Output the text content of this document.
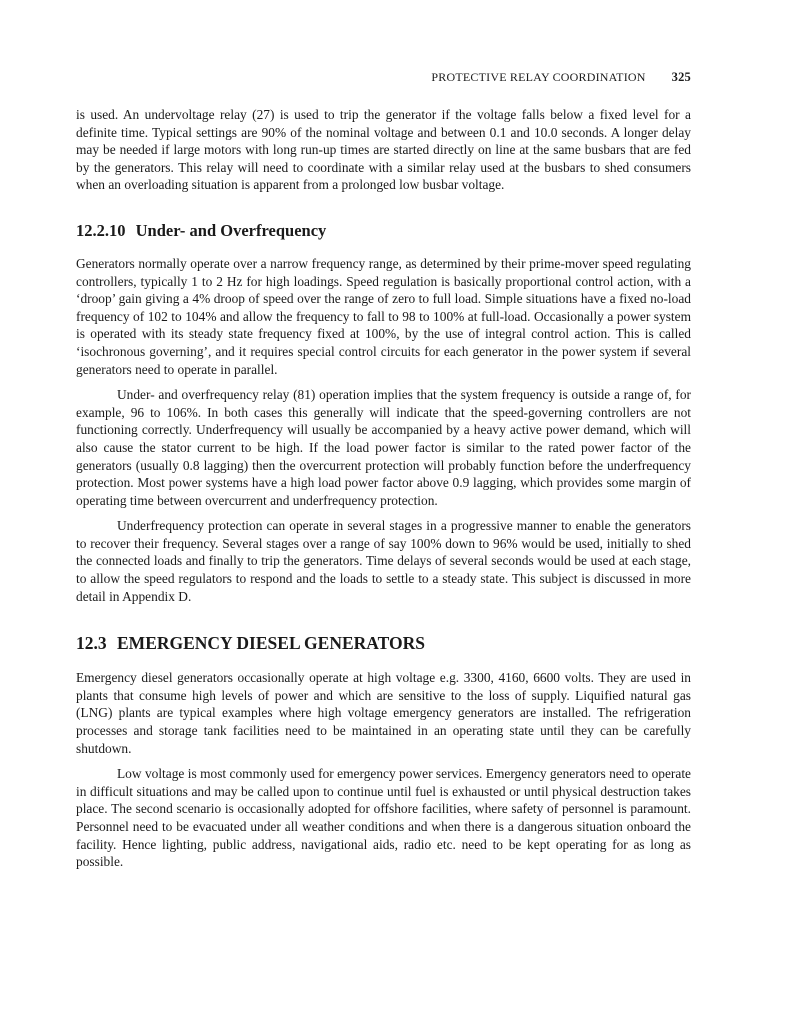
PROTECTIVE RELAY COORDINATION 325

is used. An undervoltage relay (27) is used to trip the generator if the voltage falls below a fixed level for a definite time. Typical settings are 90% of the nominal voltage and between 0.1 and 10.0 seconds. A longer delay may be needed if large motors with long run-up times are started directly on line at the same busbars that are fed by the generators. This relay will need to coordinate with a similar relay used at the busbars to shed consumers when an overloading situation is apparent from a prolonged low busbar voltage.

12.2.10 Under- and Overfrequency

Generators normally operate over a narrow frequency range, as determined by their prime-mover speed regulating controllers, typically 1 to 2 Hz for high loadings. Speed regulation is basically proportional control action, with a ‘droop’ gain giving a 4% droop of speed over the range of zero to full load. Simple situations have a fixed no-load frequency of 102 to 104% and allow the frequency to fall to 98 to 100% at full-load. Occasionally a power system is operated with its steady state frequency fixed at 100%, by the use of integral control action. This is called ‘isochronous governing’, and it requires special control circuits for each generator in the power system if several generators need to operate in parallel.

Under- and overfrequency relay (81) operation implies that the system frequency is outside a range of, for example, 96 to 106%. In both cases this generally will indicate that the speed-governing controllers are not functioning correctly. Underfrequency will usually be accompanied by a heavy active power demand, which will also cause the stator current to be high. If the load power factor is similar to the rated power factor of the generators (usually 0.8 lagging) then the overcurrent protection will probably function before the underfrequency protection. Most power systems have a high load power factor above 0.9 lagging, which provides some margin of operating time between overcurrent and underfrequency protection.

Underfrequency protection can operate in several stages in a progressive manner to enable the generators to recover their frequency. Several stages over a range of say 100% down to 96% would be used, initially to shed the connected loads and finally to trip the generators. Time delays of several seconds would be used at each stage, to allow the speed regulators to respond and the loads to settle to a steady state. This subject is discussed in more detail in Appendix D.

12.3 EMERGENCY DIESEL GENERATORS

Emergency diesel generators occasionally operate at high voltage e.g. 3300, 4160, 6600 volts. They are used in plants that consume high levels of power and which are sensitive to the loss of supply. Liquified natural gas (LNG) plants are typical examples where high voltage emergency generators are installed. The refrigeration processes and storage tank facilities need to be maintained in an operating state until they can be carefully shutdown.

Low voltage is most commonly used for emergency power services. Emergency generators need to operate in difficult situations and may be called upon to continue until fuel is exhausted or until physical destruction takes place. The second scenario is occasionally adopted for offshore facilities, where safety of personnel is paramount. Personnel need to be evacuated under all weather conditions and when there is a dangerous situation onboard the facility. Hence lighting, public address, navigational aids, radio etc. need to be kept operating for as long as possible.
